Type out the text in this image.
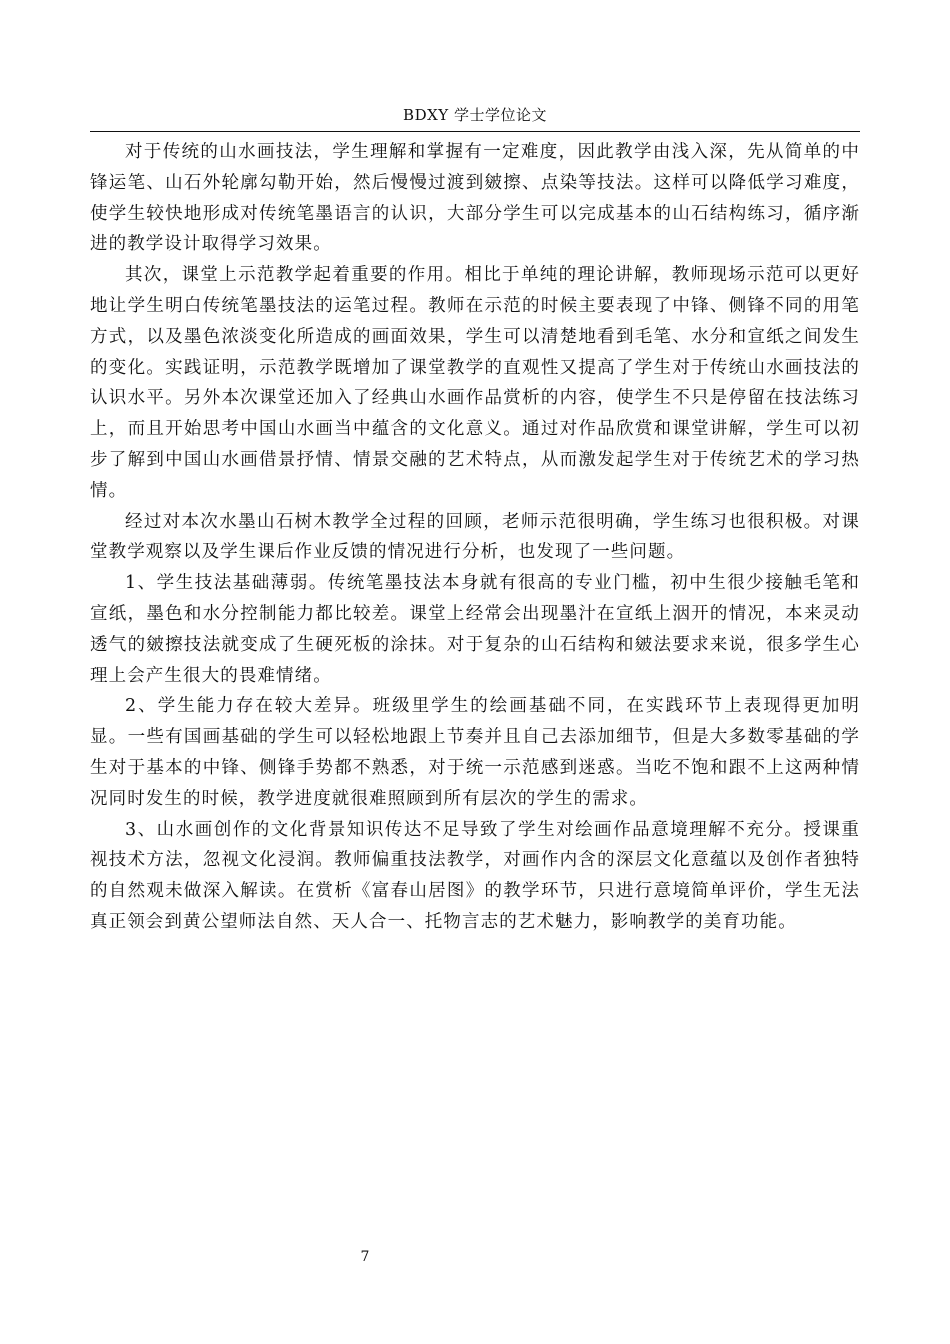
BDXY 学士学位论文

对于传统的山水画技法，学生理解和掌握有一定难度，因此教学由浅入深，先从简单的中锋运笔、山石外轮廓勾勒开始，然后慢慢过渡到皴擦、点染等技法。这样可以降低学习难度，使学生较快地形成对传统笔墨语言的认识，大部分学生可以完成基本的山石结构练习，循序渐进的教学设计取得学习效果。

其次，课堂上示范教学起着重要的作用。相比于单纯的理论讲解，教师现场示范可以更好地让学生明白传统笔墨技法的运笔过程。教师在示范的时候主要表现了中锋、侧锋不同的用笔方式，以及墨色浓淡变化所造成的画面效果，学生可以清楚地看到毛笔、水分和宣纸之间发生的变化。实践证明，示范教学既增加了课堂教学的直观性又提高了学生对于传统山水画技法的认识水平。另外本次课堂还加入了经典山水画作品赏析的内容，使学生不只是停留在技法练习上，而且开始思考中国山水画当中蕴含的文化意义。通过对作品欣赏和课堂讲解，学生可以初步了解到中国山水画借景抒情、情景交融的艺术特点，从而激发起学生对于传统艺术的学习热情。

经过对本次水墨山石树木教学全过程的回顾，老师示范很明确，学生练习也很积极。对课堂教学观察以及学生课后作业反馈的情况进行分析，也发现了一些问题。

1、学生技法基础薄弱。传统笔墨技法本身就有很高的专业门槛，初中生很少接触毛笔和宣纸，墨色和水分控制能力都比较差。课堂上经常会出现墨汁在宣纸上洇开的情况，本来灵动透气的皴擦技法就变成了生硬死板的涂抹。对于复杂的山石结构和皴法要求来说，很多学生心理上会产生很大的畏难情绪。

2、学生能力存在较大差异。班级里学生的绘画基础不同，在实践环节上表现得更加明显。一些有国画基础的学生可以轻松地跟上节奏并且自己去添加细节，但是大多数零基础的学生对于基本的中锋、侧锋手势都不熟悉，对于统一示范感到迷惑。当吃不饱和跟不上这两种情况同时发生的时候，教学进度就很难照顾到所有层次的学生的需求。

3、山水画创作的文化背景知识传达不足导致了学生对绘画作品意境理解不充分。授课重视技术方法，忽视文化浸润。教师偏重技法教学，对画作内含的深层文化意蕴以及创作者独特的自然观未做深入解读。在赏析《富春山居图》的教学环节，只进行意境简单评价，学生无法真正领会到黄公望师法自然、天人合一、托物言志的艺术魅力，影响教学的美育功能。

7
